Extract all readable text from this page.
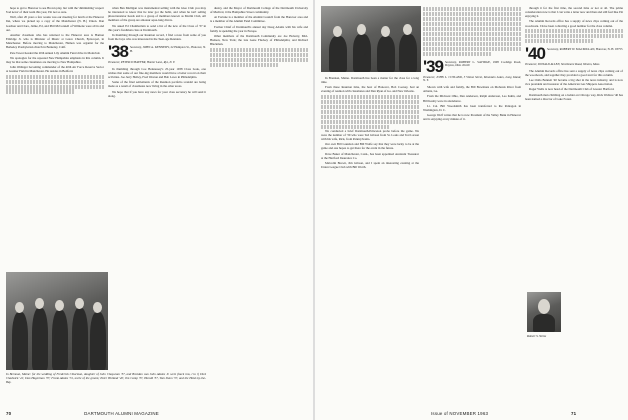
hope to get to Hanover to see Brown play, but with the 'diminishing' respect 'bad news' of their team this year, I'm not so sure.

Well, after 20 years a few weeks was our meeting for lunch at the Hanover Inn, where we picked up a copy of the Manchester (N. H.) Union. Dan Gardner and Clara, Jamie, Ed, and Phil McConnell of Wilmette were all in and out.

Another classmate who has returned to the Hanover area is Hamon Eldridge Jr. who is Minister of Music at Grace Church, Episcopal, in Manchester. Before moving to Manchester, Hamon was organist for the Berkeley Presbyterian church in Berkeley, Calif.

Pete Tower headed the 20th annual Lily Alumni Fund drive in Montclair.

We apologize for the repeated New Hampshire emphasis in this column. It may be that some classmates are moving to New Hampshire.

John Oblinger becoming commander of the 40th Air Force Reserve Sector at Grenier Field in Manchester. He resides in Bedford.

when Ben Mulligan was instrumental selling with the Glee Club you may be interested to know that he later got the habit, and when he isn't selling phototransistor heads and is a group of members known as Marlin Club, All members of the group are amateur aqua-lung divers.

We asked Ed Chamberlain to send a list of the new of the Class of '37 in this year's freshman class at Dartmouth.

In thumbing through our Reunion record, I find a note from some of you from the boys who was interested in the Teen-age Reunion.

'38 Secretary, JOHN A. KENNEDY, 22 Hampton St., Hanover, N. H.
Treasurer, PETER SCHAEFER, Hunter Lane, Rye, N. Y.

In thumbing through Coe Hennessey's 25-year 1938 Class book, one wishes that some of our fine-ing members would have a better record on their activities. Joe Jerry Holley, Fred Weston and Bob Lowe in Philadelphia.

Some of the final settlements of the Reunion portfolio scandal are being made as a result of classmates now living in the other areas.

We hope that if you have any news for your class secretary he will send it along.

dustry, and the Mayor of Dartmouth College of the Dartmouth University of Medical, it the Hampshire Street community.

At Fortune is a member of the Alumni Council from the Hanover area and is a member of the Alumni Fund Committee.

Former Chief of Dartmouth's annual day Doug Adams with his wife and family is spending the year in Europe.

Other members of the Dartmouth Community are Joe Hoberty, Mid-Hudson, New York; the late Gene Fluckey of Philadelphia; and Richard Blackman.

In Brennan, Maine: for the wedding of Frederick Chiarman, daughter of John Chap-man '37, and Brendan was John Adams Jr. were (back row, l to r) Dick Chadwick '41; Dan Hagerman '37; Frank Adams '31, uncle of the groom; Peter Holland '40; Jim Camp '37, Harold '37, Tom Dunn '37, and the Hotel-by-the-Bay.
70	DARTMOUTH ALUMNI MAGAZINE

In Brennan, Maine. Dartmouth has been a matter for the class for a long time.

From these Reunion time, the host of Hanover, Bob Cooney, had an evening of reunion with classmates and Dan Ryan of Ga. and New Orleans.

We conducted a brief Dartmouth-Princeton probe before the game. We were the number of '39 who were Ted Gibson from St. Louis and Ted Larson with his wife, Rick, from Pennsylvania.

Our own Bill Laundon and Bill Wolfe say that they were lucky to be at the game and one hopes to get there for the event in the future.

Dave Baker of Manchester, Conn., has been appointed Assistant Treasurer at the Hartford Insurance Co.

Malcolm Brown, Jim Gibson, and I spent an interesting evening at the Union League Club with Bill Worth.

'39 Secretary, ROBERT L. SAVIDGE, 1908 Coolidge Road, Dayton, Ohio 45419
Treasurer, JOHN L. COTLAND, 5 Vinton Street, Mountain Lakes, Long Island, N. Y.

Shown with wife and family, the Bill Bowmans on Mohawk River from Atlanta, Ga.

From the Midwest Ohio, Dan Anderson, Ralph Anderson, Leo Kuhn, and Bill Kealty were in attendance.

Lt. Col. Bill Woodsmith has been transferred to the Pentagon in Washington, D. C.

George Wolf writes that he is now President of the Valley Bank in Hanover and is enjoying every minute of it.

through it for the first time, the second time or not at all. The prime consideration now is that I can write a letter now and then and still feel like I'm enjoying it.

The Alumni Records office has a supply of news clips coming out of the woodwork. I have been collecting a good number for the class column.

'40 Secretary, ROBERT W. MACMILLAN, Hanover, N. H. 03755
Treasurer, DONALD ALLEN, Strathmore Road, Weston, Mass.

The Alumni Records office has sent a supply of news clips coming out of the woodwork, and together they provided a good start for this column.

Lee Oddo Bennett '40 became a big shot in the news industry, and is now vice president and treasurer of the American Gas Shippers Association.

Roger Wells is now head of the Dartmouth Club of Greater Hartford.

Dartmouth men climbing on a ladder on Chicago way, Rick Wallace '40 has been named a director of Lake Forest.

Robert S. Weiss
Issue of NOVEMBER 1963	71
